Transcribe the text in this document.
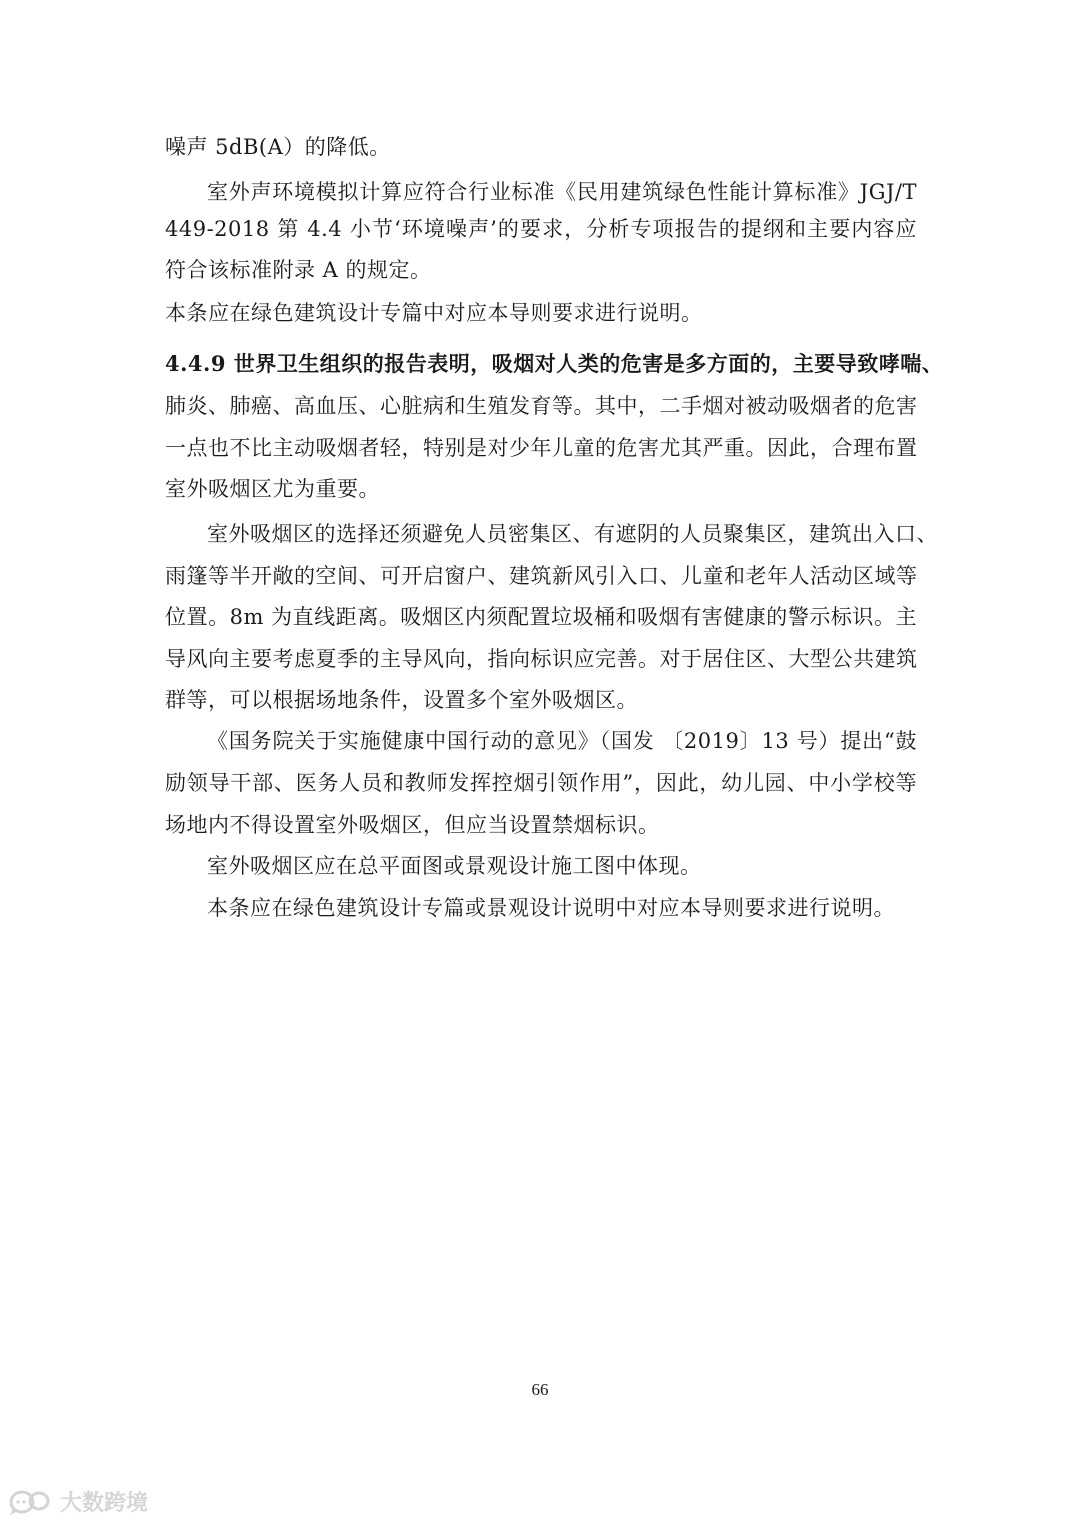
噪声 5dB(A）的降低。
室外声环境模拟计算应符合行业标准《民用建筑绿色性能计算标准》JGJ/T
449-2018 第 4.4 小节‘环境噪声’的要求，分析专项报告的提纲和主要内容应
符合该标准附录 A 的规定。
本条应在绿色建筑设计专篇中对应本导则要求进行说明。
4.4.9 世界卫生组织的报告表明，吸烟对人类的危害是多方面的，主要导致哮喘、
肺炎、肺癌、高血压、心脏病和生殖发育等。其中，二手烟对被动吸烟者的危害
一点也不比主动吸烟者轻，特别是对少年儿童的危害尤其严重。因此，合理布置
室外吸烟区尤为重要。
室外吸烟区的选择还须避免人员密集区、有遮阴的人员聚集区，建筑出入口、
雨篷等半开敞的空间、可开启窗户、建筑新风引入口、儿童和老年人活动区域等
位置。8m 为直线距离。吸烟区内须配置垃圾桶和吸烟有害健康的警示标识。主
导风向主要考虑夏季的主导风向，指向标识应完善。对于居住区、大型公共建筑
群等，可以根据场地条件，设置多个室外吸烟区。
《国务院关于实施健康中国行动的意见》（国发 〔2019〕13 号）提出“鼓
励领导干部、医务人员和教师发挥控烟引领作用”，因此，幼儿园、中小学校等
场地内不得设置室外吸烟区，但应当设置禁烟标识。
室外吸烟区应在总平面图或景观设计施工图中体现。
本条应在绿色建筑设计专篇或景观设计说明中对应本导则要求进行说明。
66
大数跨境
